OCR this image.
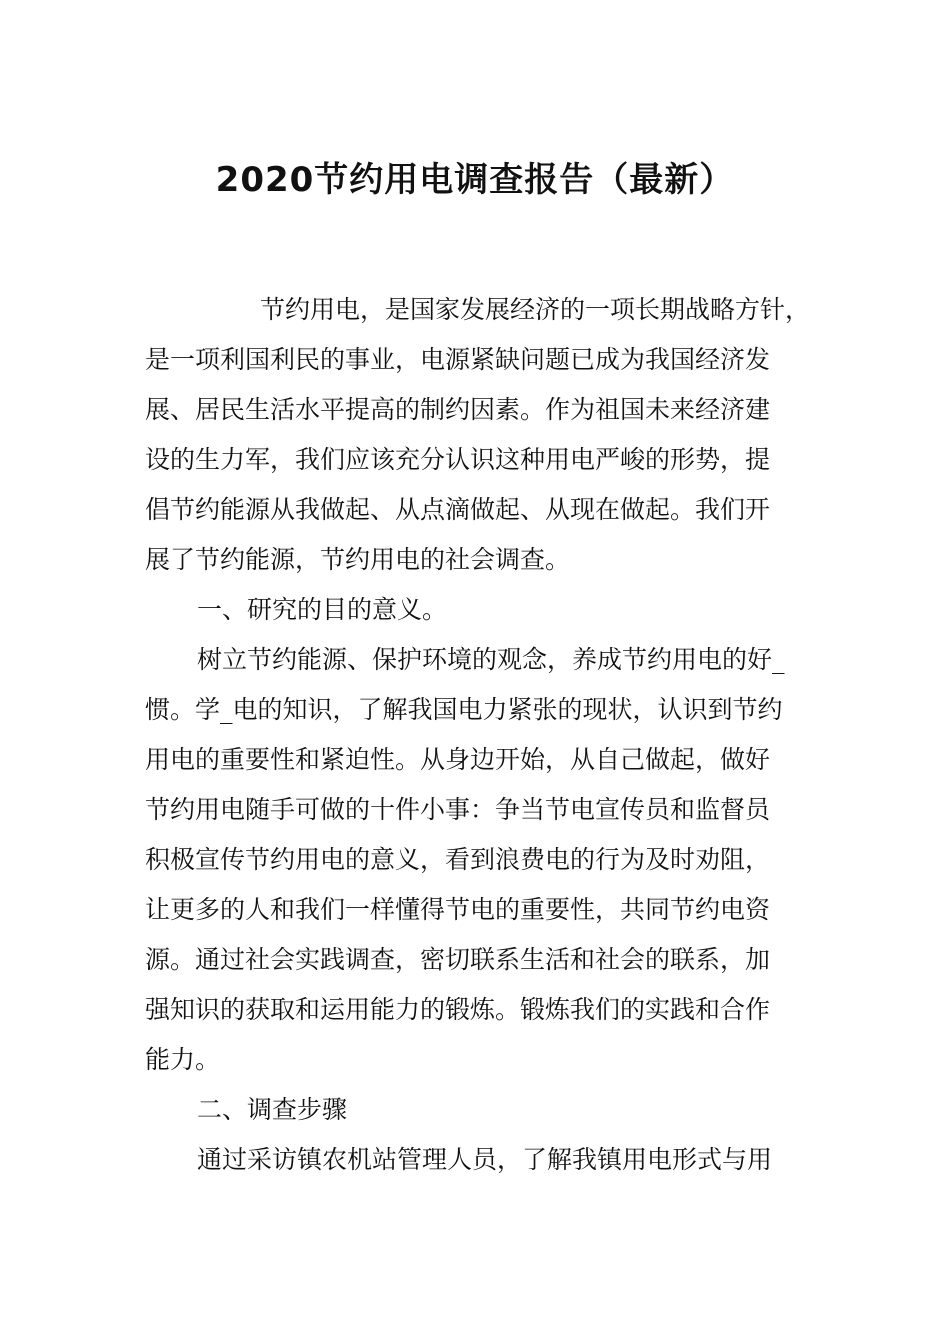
2020节约用电调查报告（最新）

节约用电，是国家发展经济的一项长期战略方针，

是一项利国利民的事业，电源紧缺问题已成为我国经济发

展、居民生活水平提高的制约因素。作为祖国未来经济建

设的生力军，我们应该充分认识这种用电严峻的形势，提

倡节约能源从我做起、从点滴做起、从现在做起。我们开

展了节约能源，节约用电的社会调查。

一、研究的目的意义。

树立节约能源、保护环境的观念，养成节约用电的好_

惯。学_电的知识，了解我国电力紧张的现状，认识到节约

用电的重要性和紧迫性。从身边开始，从自己做起，做好

节约用电随手可做的十件小事：争当节电宣传员和监督员

积极宣传节约用电的意义，看到浪费电的行为及时劝阻，

让更多的人和我们一样懂得节电的重要性，共同节约电资

源。通过社会实践调查，密切联系生活和社会的联系，加

强知识的获取和运用能力的锻炼。锻炼我们的实践和合作

能力。

二、调查步骤

通过采访镇农机站管理人员，了解我镇用电形式与用
